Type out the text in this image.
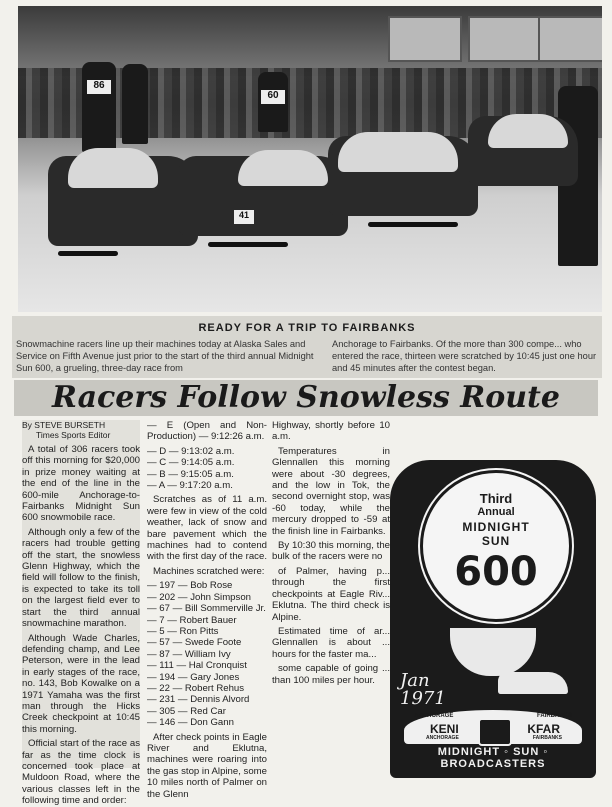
86
60
41
READY FOR A TRIP TO FAIRBANKS
Snowmachine racers line up their machines today at Alaska Sales and Service on Fifth Avenue just prior to the start of the third annual Midnight Sun 600, a grueling, three-day race from
Anchorage to Fairbanks. Of the more than 300 compe... who entered the race, thirteen were scratched by 10:45 just one hour and 45 minutes after the contest began.
Racers Follow Snowless Route

By STEVE BURSETH

Times Sports Editor

A total of 306 racers took off this morning for $20,000 in prize money waiting at the end of the line in the 600-mile Anchorage-to-Fairbanks Midnight Sun 600 snowmobile race.

Although only a few of the racers had trouble getting off the start, the snowless Glenn Highway, which the field will follow to the finish, is expected to take its toll on the largest field ever to start the third annual snowmachine marathon.

Although Wade Charles, defending champ, and Lee Peterson, were in the lead in early stages of the race, no. 143, Bob Kowalke on a 1971 Yamaha was the first man through the Hicks Creek checkpoint at 10:45 this morning.

Official start of the race as far as the time clock is concerned took place at Muldoon Road, where the various classes left in the following time and order:

— E (Open and Non-Production) — 9:12:26 a.m.

— D — 9:13:02 a.m.
— C — 9:14:05 a.m.
— B — 9:15:05 a.m.
— A — 9:17:20 a.m.

Scratches as of 11 a.m. were few in view of the cold weather, lack of snow and bare pavement which the machines had to contend with the first day of the race.

Machines scratched were:

— 197 — Bob Rose
— 202 — John Simpson
— 67 — Bill Sommerville Jr.
— 7 — Robert Bauer
— 5 — Ron Pitts
— 57 — Swede Foote
— 87 — William Ivy
— 111 — Hal Cronquist
— 194 — Gary Jones
— 22 — Robert Rehus
— 231 — Dennis Alvord
— 305 — Red Car
— 146 — Don Gann

After check points in Eagle River and Eklutna, machines were roaring into the gas stop in Alpine, some 10 miles north of Palmer on the Glenn

Highway, shortly before 10 a.m.

Temperatures in Glennallen this morning were about -30 degrees, and the low in Tok, the second overnight stop, was -60 today, while the mercury dropped to -59 at the finish line in Fairbanks.

By 10:30 this morning, the bulk of the racers were no

of Palmer, having p... through the first checkpoints at Eagle Riv... Eklutna. The third check is Alpine.

Estimated time of ar... Glennallen is about ... hours for the faster ma...

some capable of going ... than 100 miles per hour.

Third
Annual
MIDNIGHT
SUN
600
Jan
1971
ANCHORAGE	FAIRBANKS
KENI
ANCHORAGE
KFAR
FAIRBANKS
MIDNIGHT ◦ SUN ◦ BROADCASTERS
